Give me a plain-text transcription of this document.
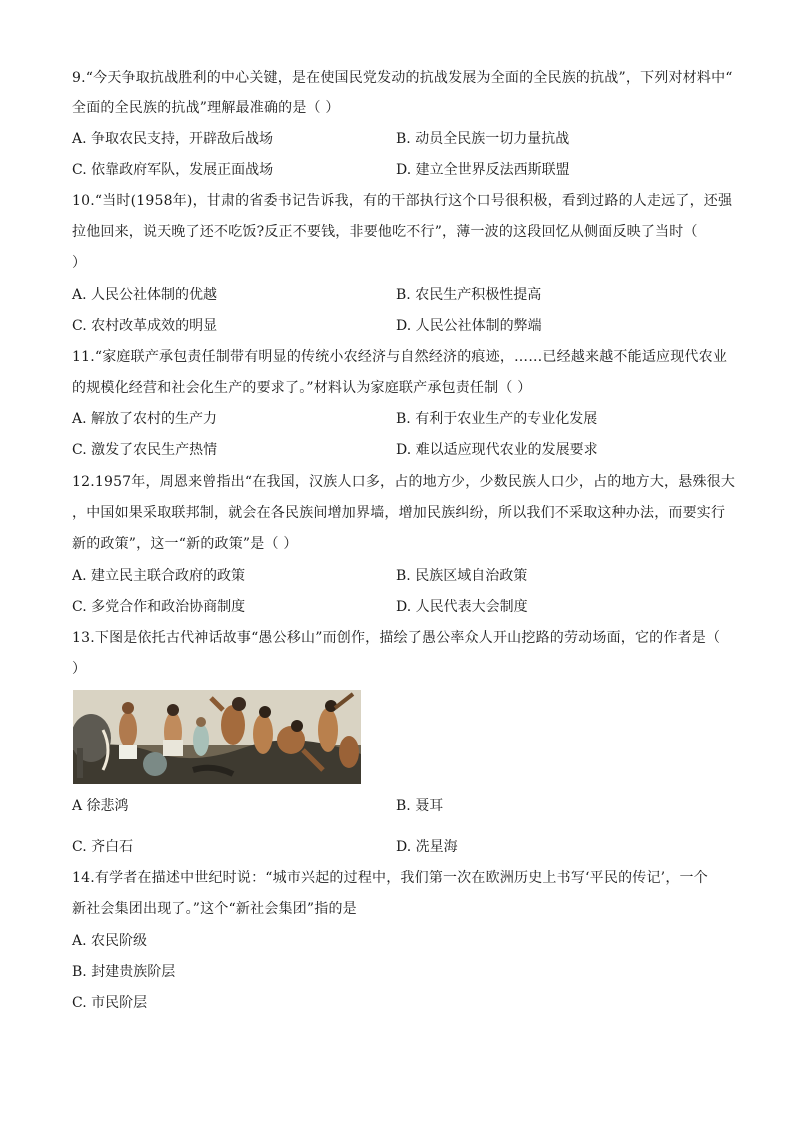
9.“今天争取抗战胜利的中心关键，是在使国民党发动的抗战发展为全面的全民族的抗战”，下列对材料中“
全面的全民族的抗战”理解最准确的是（ ）
A. 争取农民支持，开辟敌后战场	B. 动员全民族一切力量抗战
C. 依靠政府军队，发展正面战场	D. 建立全世界反法西斯联盟
10.“当时(1958年)，甘肃的省委书记告诉我，有的干部执行这个口号很积极，看到过路的人走远了，还强
拉他回来，说天晚了还不吃饭?反正不要钱，非要他吃不行”，薄一波的这段回忆从侧面反映了当时（
）
A. 人民公社体制的优越	B. 农民生产积极性提高
C. 农村改革成效的明显	D. 人民公社体制的弊端
11.“家庭联产承包责任制带有明显的传统小农经济与自然经济的痕迹，……已经越来越不能适应现代农业
的规模化经营和社会化生产的要求了。”材料认为家庭联产承包责任制（ ）
A. 解放了农村的生产力	B. 有利于农业生产的专业化发展
C. 激发了农民生产热情	D. 难以适应现代农业的发展要求
12.1957年，周恩来曾指出“在我国，汉族人口多，占的地方少，少数民族人口少，占的地方大，悬殊很大
，中国如果采取联邦制，就会在各民族间增加界墙，增加民族纠纷，所以我们不采取这种办法，而要实行
新的政策”，这一“新的政策”是（ ）
A. 建立民主联合政府的政策	B. 民族区域自治政策
C. 多党合作和政治协商制度	D. 人民代表大会制度
13.下图是依托古代神话故事“愚公移山”而创作，描绘了愚公率众人开山挖路的劳动场面，它的作者是（
）
A 徐悲鸿	B. 聂耳
C. 齐白石	D. 冼星海
14.有学者在描述中世纪时说：“城市兴起的过程中，我们第一次在欧洲历史上书写‘平民的传记’，一个
新社会集团出现了。”这个“新社会集团”指的是
A. 农民阶级
B. 封建贵族阶层
C. 市民阶层
